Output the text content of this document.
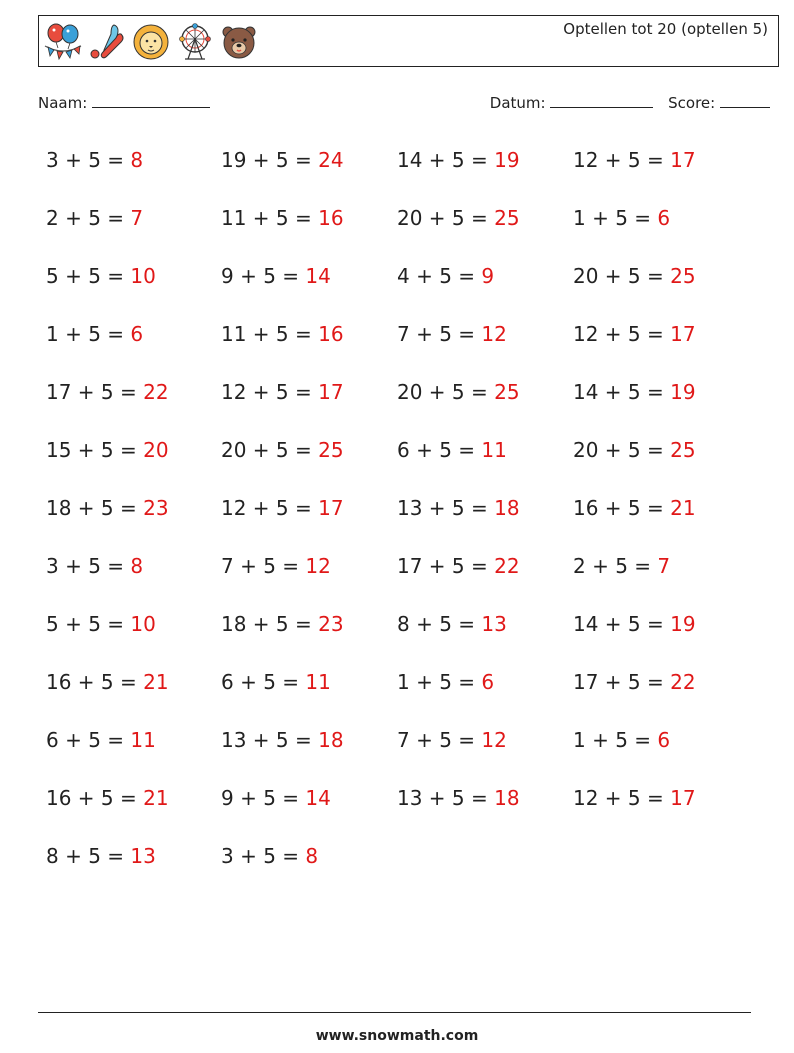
Optellen tot 20 (optellen 5)
Naam:	Datum:	Score:
3 + 5 = 8	19 + 5 = 24	14 + 5 = 19	12 + 5 = 17
2 + 5 = 7	11 + 5 = 16	20 + 5 = 25	1 + 5 = 6
5 + 5 = 10	9 + 5 = 14	4 + 5 = 9	20 + 5 = 25
1 + 5 = 6	11 + 5 = 16	7 + 5 = 12	12 + 5 = 17
17 + 5 = 22	12 + 5 = 17	20 + 5 = 25	14 + 5 = 19
15 + 5 = 20	20 + 5 = 25	6 + 5 = 11	20 + 5 = 25
18 + 5 = 23	12 + 5 = 17	13 + 5 = 18	16 + 5 = 21
3 + 5 = 8	7 + 5 = 12	17 + 5 = 22	2 + 5 = 7
5 + 5 = 10	18 + 5 = 23	8 + 5 = 13	14 + 5 = 19
16 + 5 = 21	6 + 5 = 11	1 + 5 = 6	17 + 5 = 22
6 + 5 = 11	13 + 5 = 18	7 + 5 = 12	1 + 5 = 6
16 + 5 = 21	9 + 5 = 14	13 + 5 = 18	12 + 5 = 17
8 + 5 = 13	3 + 5 = 8
www.snowmath.com
